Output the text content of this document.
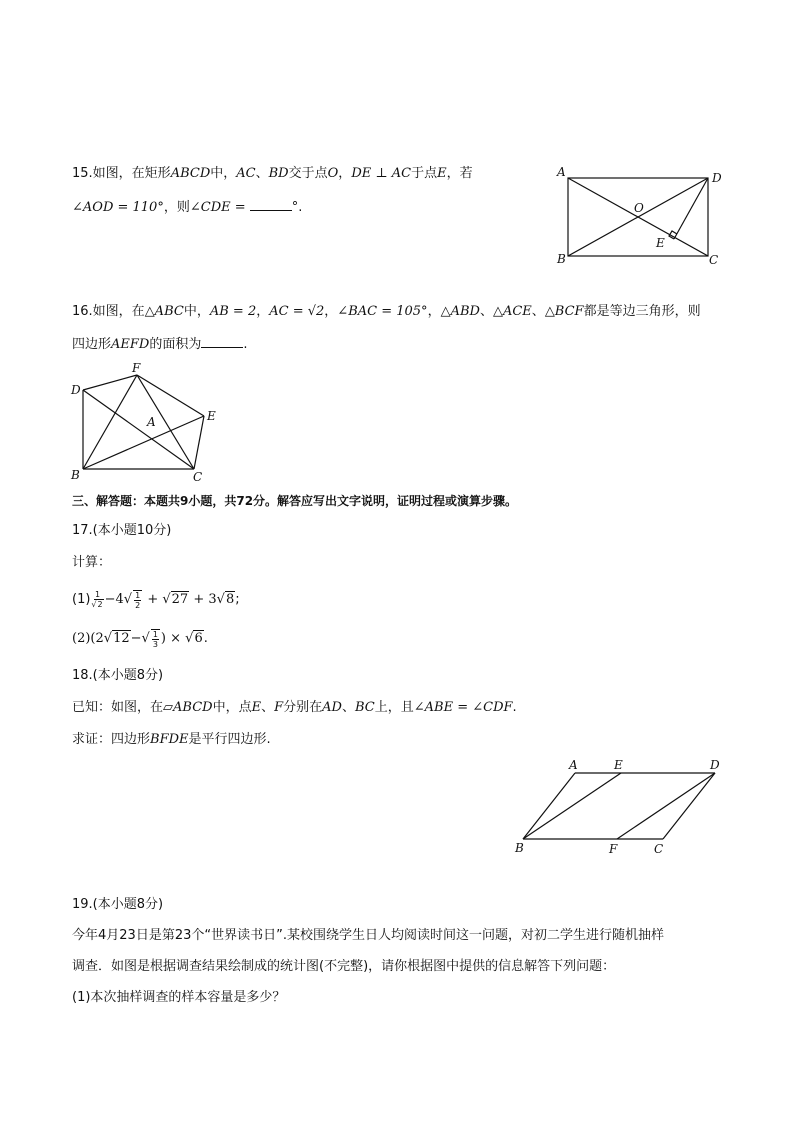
15.如图，在矩形ABCD中，AC、BD交于点O，DE ⊥ AC于点E，若
∠AOD = 110°，则∠CDE =	°.
A	D
B	C
O
E
16.如图，在△ABC中，AB = 2，AC = √2，∠BAC = 105°，△ABD、△ACE、△BCF都是等边三角形，则
四边形AEFD的面积为	.
D
F
E
A
B	C
三、解答题：本题共9小题，共72分。解答应写出文字说明，证明过程或演算步骤。
17.(本小题10分)
计算：
$(1) \frac{1}{√2} -4√ \frac{1}{2} + √27 + 3√8$;
$(2)(2√12-√ \frac{1}{3}$ ) × √6.
18.(本小题8分)
已知：如图，在▱ABCD中，点E、F分别在AD、BC上，且∠ABE = ∠CDF.
求证：四边形BFDE是平行四边形.
A	E	D
B	F	C
19.(本小题8分)
今年4月23日是第23个“世界读书日”.某校围绕学生日人均阅读时间这一问题，对初二学生进行随机抽样
调查．如图是根据调查结果绘制成的统计图(不完整)，请你根据图中提供的信息解答下列问题：
(1)本次抽样调查的样本容量是多少？
